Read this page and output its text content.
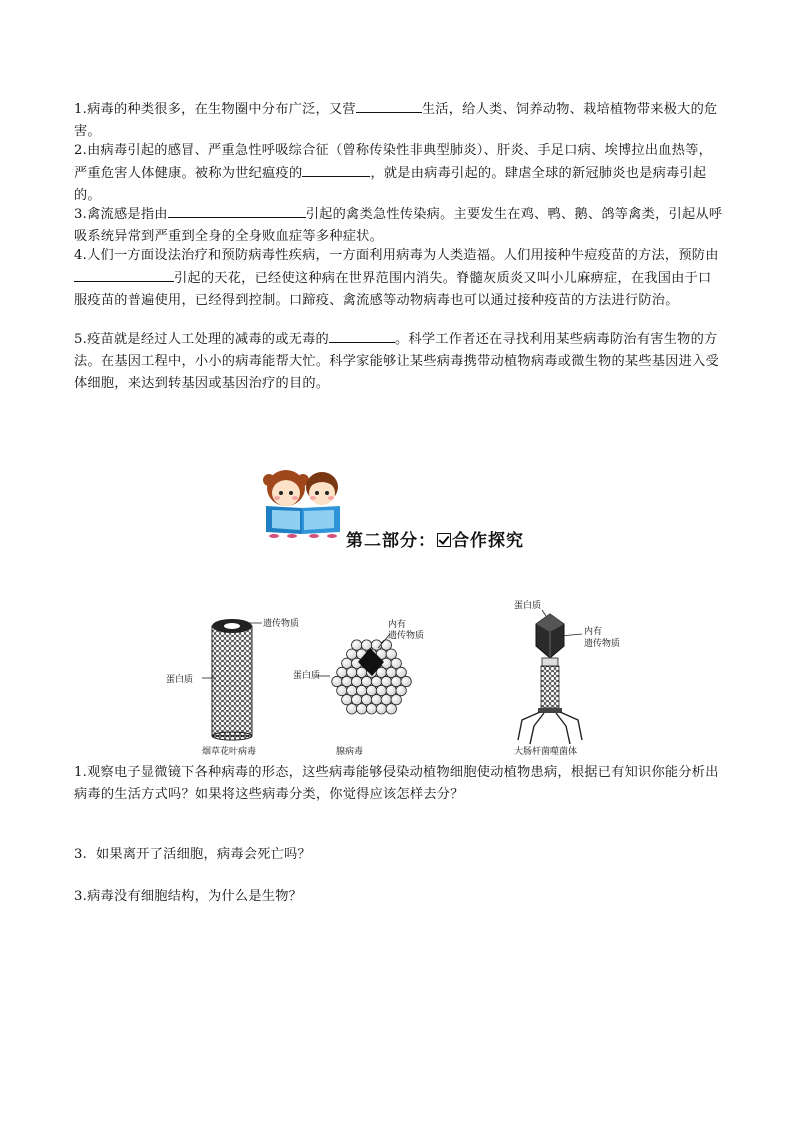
1.病毒的种类很多，在生物圈中分布广泛，又营	生活，给人类、饲养动物、栽培植物带来极大的危害。
2.由病毒引起的感冒、严重急性呼吸综合征（曾称传染性非典型肺炎）、肝炎、手足口病、埃博拉出血热等，严重危害人体健康。被称为世纪瘟疫的	，就是由病毒引起的。肆虐全球的新冠肺炎也是病毒引起的。
3.禽流感是指由	引起的禽类急性传染病。主要发生在鸡、鸭、鹅、鸽等禽类，引起从呼吸系统异常到严重到全身的全身败血症等多种症状。
4.人们一方面设法治疗和预防病毒性疾病，一方面利用病毒为人类造福。人们用接种牛痘疫苗的方法，预防由引起的天花，已经使这种病在世界范围内消失。脊髓灰质炎又叫小儿麻痹症，在我国由于口服疫苗的普遍使用，已经得到控制。口蹄疫、禽流感等动物病毒也可以通过接种疫苗的方法进行防治。
5.疫苗就是经过人工处理的减毒的或无毒的	。科学工作者还在寻找利用某些病毒防治有害生物的方法。在基因工程中，小小的病毒能帮大忙。科学家能够让某些病毒携带动植物病毒或微生物的某些基因进入受体细胞，来达到转基因或基因治疗的目的。
第二部分： 合作探究
遗传物质
蛋白质
烟草花叶病毒
内有
遗传物质
蛋白质
腺病毒
蛋白质
内有
遗传物质
大肠杆菌噬菌体
1.观察电子显微镜下各种病毒的形态，这些病毒能够侵染动植物细胞使动植物患病，根据已有知识你能分析出病毒的生活方式吗？如果将这些病毒分类，你觉得应该怎样去分？
3. 如果离开了活细胞，病毒会死亡吗？
3.病毒没有细胞结构，为什么是生物？
